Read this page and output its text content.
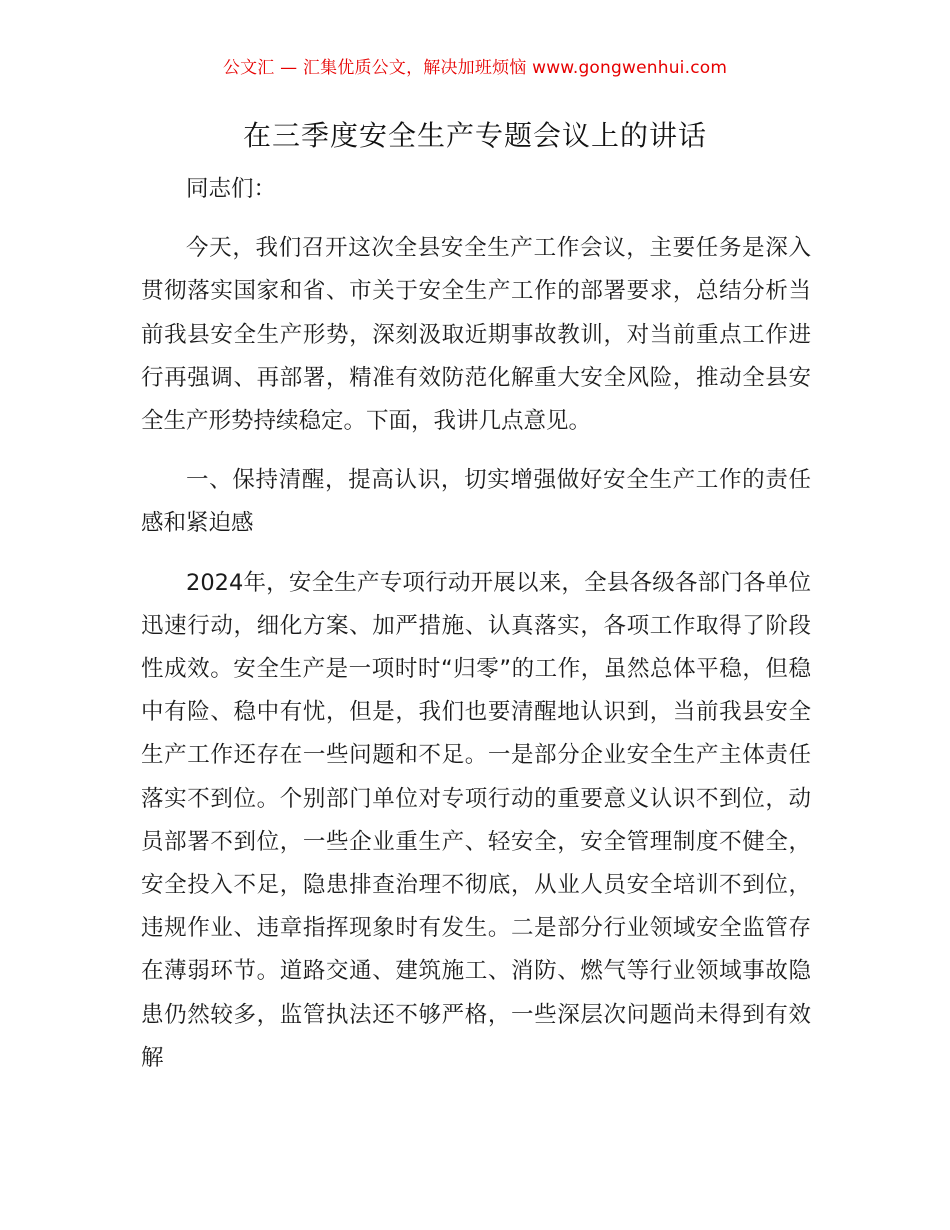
公文汇 — 汇集优质公文，解决加班烦恼 www.gongwenhui.com
在三季度安全生产专题会议上的讲话

同志们：

今天，我们召开这次全县安全生产工作会议，主要任务是深入贯彻落实国家和省、市关于安全生产工作的部署要求，总结分析当前我县安全生产形势，深刻汲取近期事故教训，对当前重点工作进行再强调、再部署，精准有效防范化解重大安全风险，推动全县安全生产形势持续稳定。下面，我讲几点意见。

一、保持清醒，提高认识，切实增强做好安全生产工作的责任感和紧迫感

2024年，安全生产专项行动开展以来，全县各级各部门各单位迅速行动，细化方案、加严措施、认真落实，各项工作取得了阶段性成效。安全生产是一项时时“归零”的工作，虽然总体平稳，但稳中有险、稳中有忧，但是，我们也要清醒地认识到，当前我县安全生产工作还存在一些问题和不足。一是部分企业安全生产主体责任落实不到位。个别部门单位对专项行动的重要意义认识不到位，动员部署不到位，一些企业重生产、轻安全，安全管理制度不健全，安全投入不足，隐患排查治理不彻底，从业人员安全培训不到位，违规作业、违章指挥现象时有发生。二是部分行业领域安全监管存在薄弱环节。道路交通、建筑施工、消防、燃气等行业领域事故隐患仍然较多，监管执法还不够严格，一些深层次问题尚未得到有效解
